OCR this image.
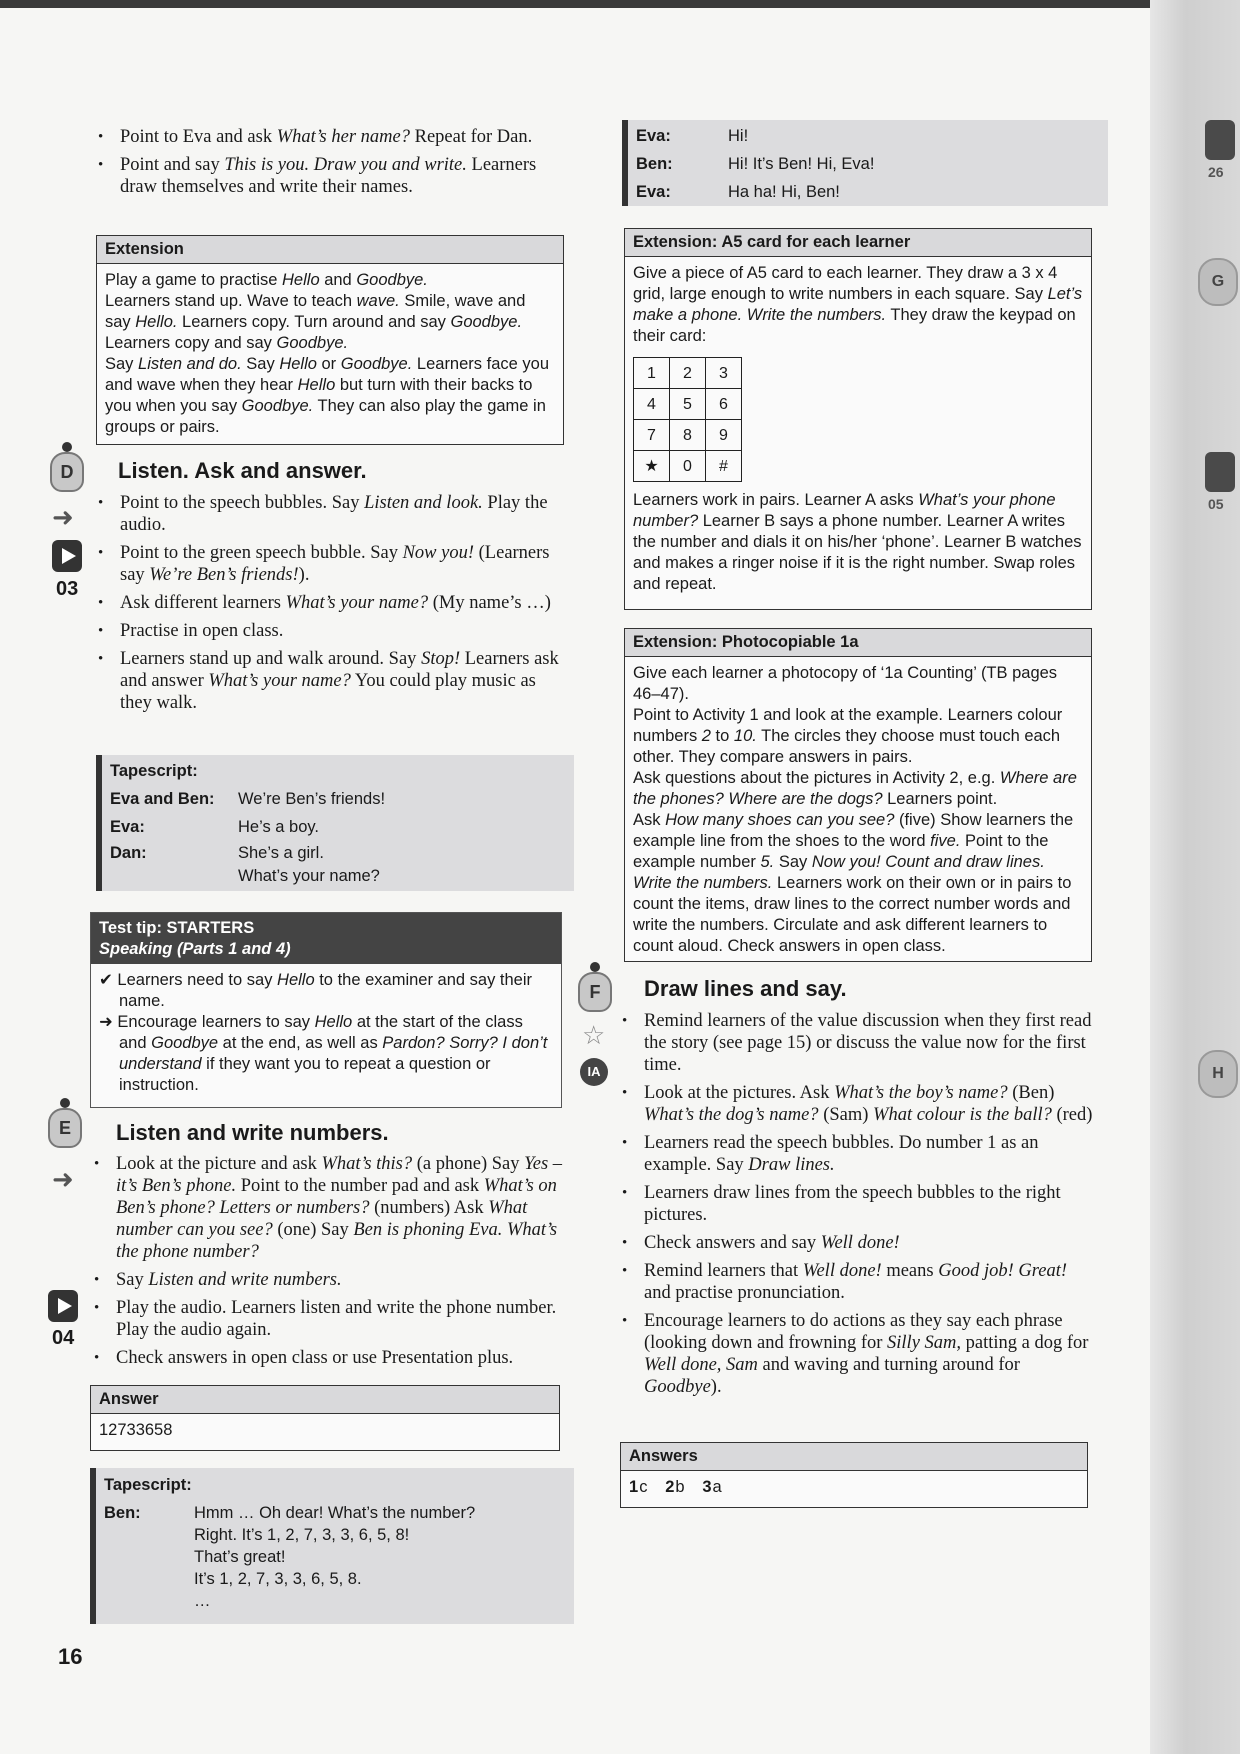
26
G
05
H
• Point to Eva and ask What’s her name? Repeat for Dan.
• Point and say This is you. Draw you and write. Learners draw themselves and write their names.
Extension

Play a game to practise Hello and Goodbye.

Learners stand up. Wave to teach wave. Smile, wave and say Hello. Learners copy. Turn around and say Goodbye. Learners copy and say Goodbye.

Say Listen and do. Say Hello or Goodbye. Learners face you and wave when they hear Hello but turn with their backs to you when you say Goodbye. They can also play the game in groups or pairs.

D
➜
03
Listen. Ask and answer.
• Point to the speech bubbles. Say Listen and look. Play the audio.
• Point to the green speech bubble. Say Now you! (Learners say We’re Ben’s friends!).
• Ask different learners What’s your name? (My name’s …)
• Practise in open class.
• Learners stand up and walk around. Say Stop! Learners ask and answer What’s your name? You could play music as they walk.
Tapescript:
Eva and Ben:	We’re Ben’s friends!
Eva:	He’s a boy.
Dan:	She’s a girl.
	What’s your name?
Test tip: STARTERS
Speaking (Parts 1 and 4)

✔ Learners need to say Hello to the examiner and say their name.

➜ Encourage learners to say Hello at the start of the class and Goodbye at the end, as well as Pardon? Sorry? I don’t understand if they want you to repeat a question or instruction.

E
➜
04
Listen and write numbers.
• Look at the picture and ask What’s this? (a phone) Say Yes – it’s Ben’s phone. Point to the number pad and ask What’s on Ben’s phone? Letters or numbers? (numbers) Ask What number can you see? (one) Say Ben is phoning Eva. What’s the phone number?
• Say Listen and write numbers.
• Play the audio. Learners listen and write the phone number. Play the audio again.
• Check answers in open class or use Presentation plus.
Answer
12733658
Tapescript:
Ben:	Hmm … Oh dear! What’s the number?
Right. It’s 1, 2, 7, 3, 3, 6, 5, 8!
That’s great!
It’s 1, 2, 7, 3, 3, 6, 5, 8.
…
16
Eva:	Hi!
Ben:	Hi! It’s Ben! Hi, Eva!
Eva:	Ha ha! Hi, Ben!
Extension: A5 card for each learner

Give a piece of A5 card to each learner. They draw a 3 x 4 grid, large enough to write numbers in each square. Say Let’s make a phone. Write the numbers. They draw the keypad on their card:

1	2	3
4	5	6
7	8	9
★	0	#

Learners work in pairs. Learner A asks What’s your phone number? Learner B says a phone number. Learner A writes the number and dials it on his/her ‘phone’. Learner B watches and makes a ringer noise if it is the right number. Swap roles and repeat.

Extension: Photocopiable 1a

Give each learner a photocopy of ‘1a Counting’ (TB pages 46–47).

Point to Activity 1 and look at the example. Learners colour numbers 2 to 10. The circles they choose must touch each other. They compare answers in pairs.

Ask questions about the pictures in Activity 2, e.g. Where are the phones? Where are the dogs? Learners point.

Ask How many shoes can you see? (five) Show learners the example line from the shoes to the word five. Point to the example number 5. Say Now you! Count and draw lines. Write the numbers. Learners work on their own or in pairs to count the items, draw lines to the correct number words and write the numbers. Circulate and ask different learners to count aloud. Check answers in open class.

F
☆
IA
Draw lines and say.
• Remind learners of the value discussion when they first read the story (see page 15) or discuss the value now for the first time.
• Look at the pictures. Ask What’s the boy’s name? (Ben) What’s the dog’s name? (Sam) What colour is the ball? (red)
• Learners read the speech bubbles. Do number 1 as an example. Say Draw lines.
• Learners draw lines from the speech bubbles to the right pictures.
• Check answers and say Well done!
• Remind learners that Well done! means Good job! Great! and practise pronunciation.
• Encourage learners to do actions as they say each phrase (looking down and frowning for Silly Sam, patting a dog for Well done, Sam and waving and turning around for Goodbye).
Answers
1c 2b 3a
